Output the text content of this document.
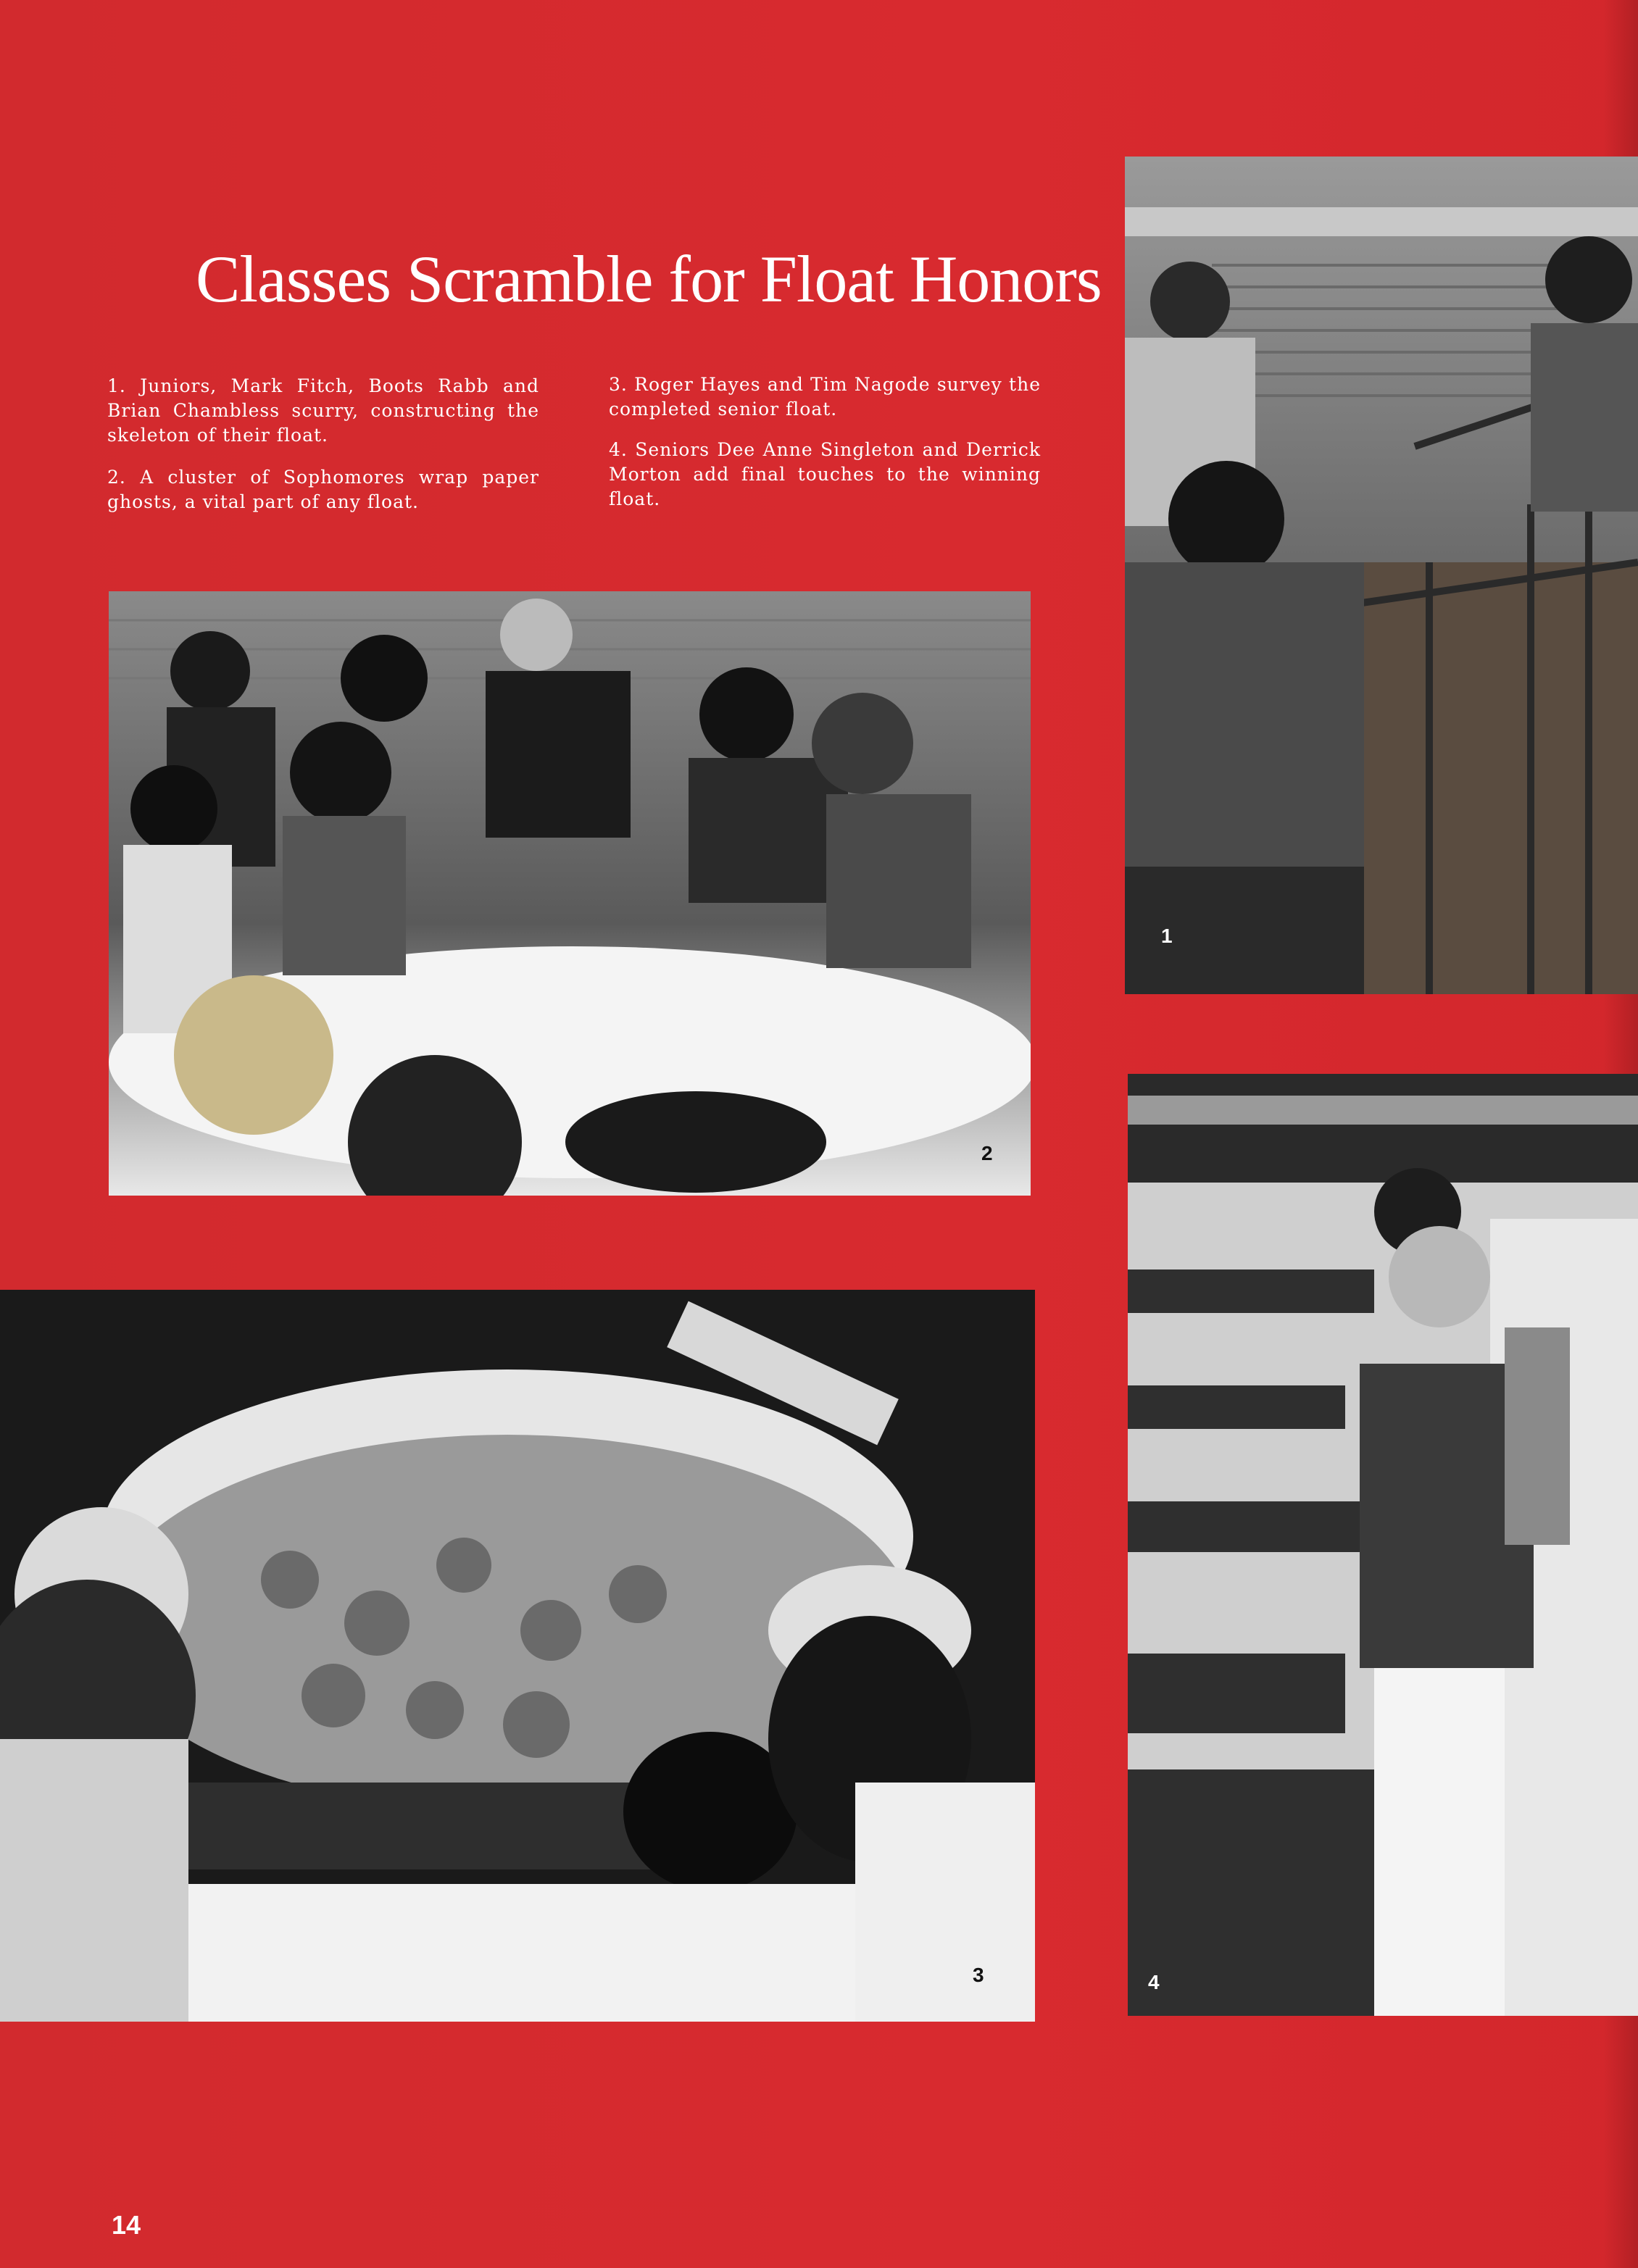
Classes Scramble for Float Honors
1. Juniors, Mark Fitch, Boots Rabb and Brian Chambless scurry, constructing the skeleton of their float.
2. A cluster of Sophomores wrap paper ghosts, a vital part of any float.
3. Roger Hayes and Tim Nagode survey the completed senior float.
4. Seniors Dee Anne Singleton and Derrick Morton add final touches to the winning float.
1
2
3	4
14
